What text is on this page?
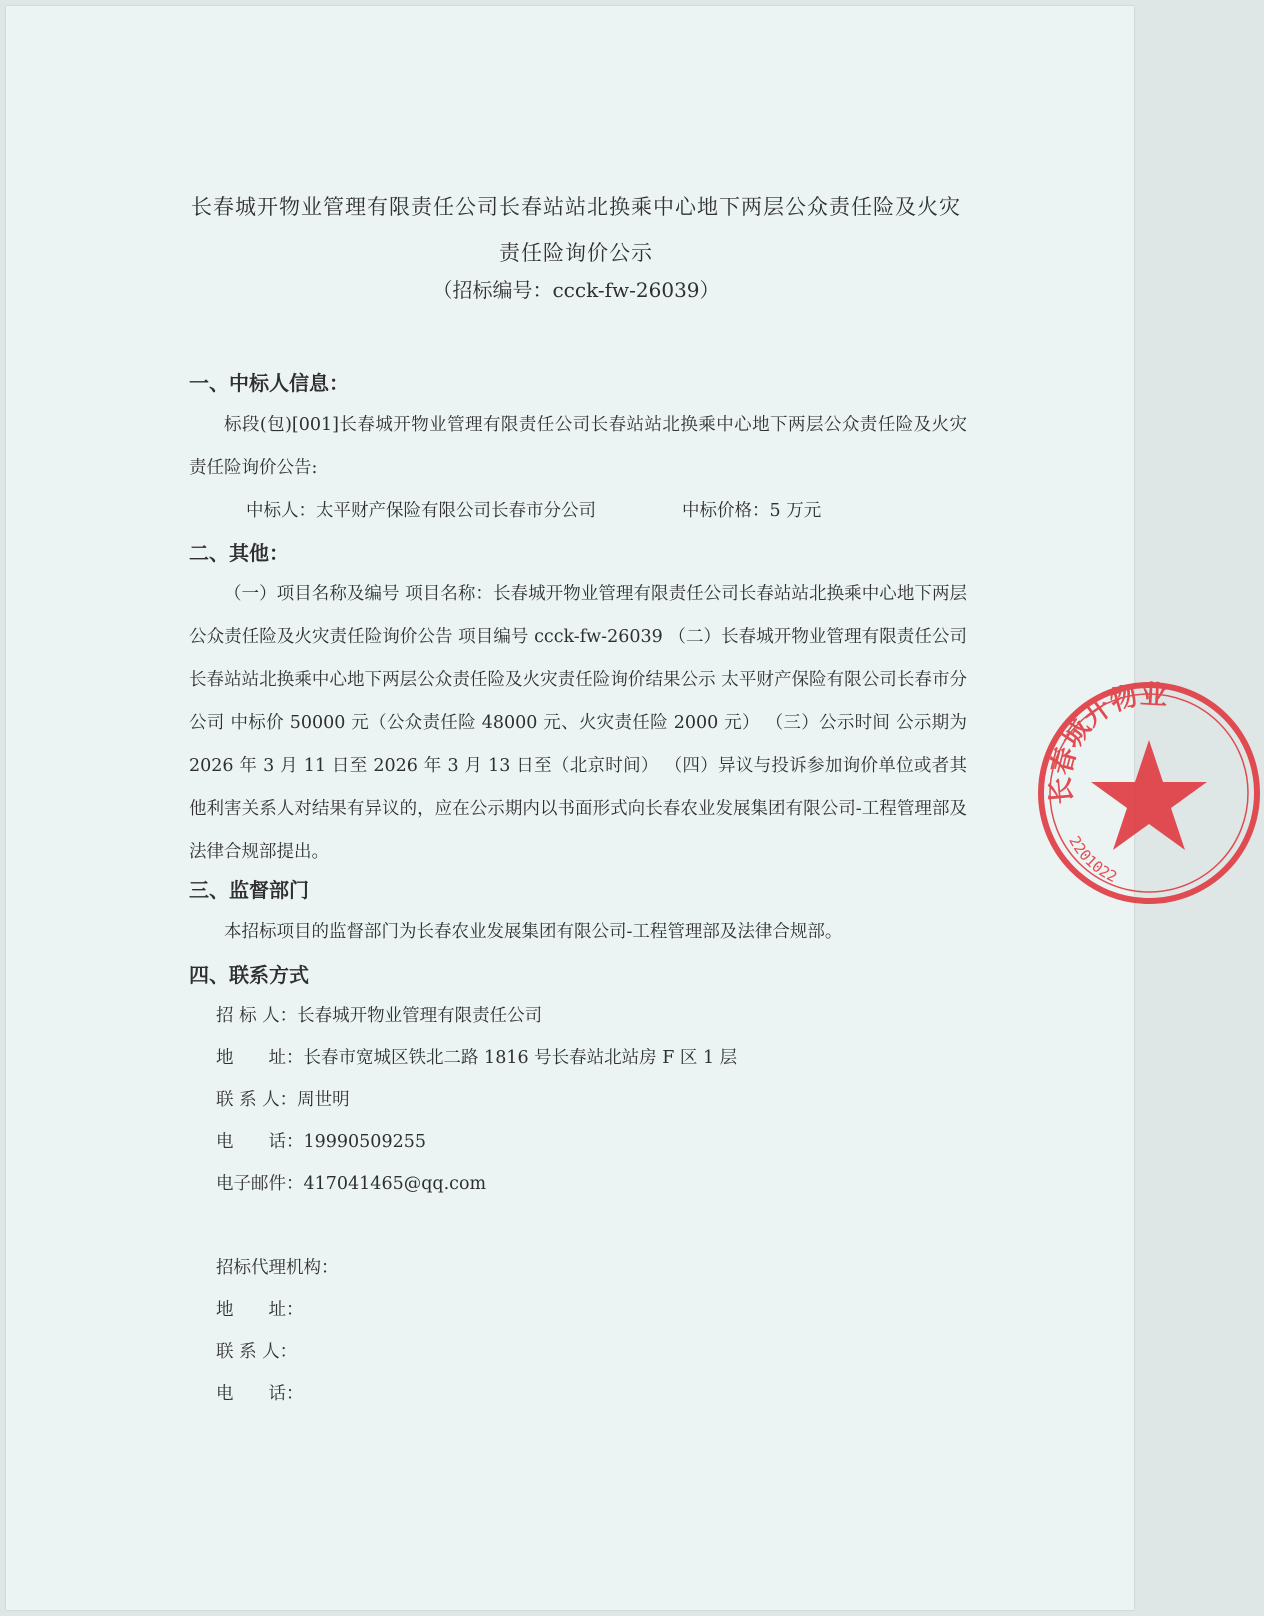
长春城开物业管理有限责任公司长春站站北换乘中心地下两层公众责任险及火灾责任险询价公示
（招标编号：ccck-fw-26039）
一、中标人信息：

标段(包)[001]长春城开物业管理有限责任公司长春站站北换乘中心地下两层公众责任险及火灾责任险询价公告:

中标人：太平财产保险有限公司长春市分公司	中标价格：5 万元
二、其他：

（一）项目名称及编号 项目名称：长春城开物业管理有限责任公司长春站站北换乘中心地下两层公众责任险及火灾责任险询价公告 项目编号 ccck-fw-26039 （二）长春城开物业管理有限责任公司长春站站北换乘中心地下两层公众责任险及火灾责任险询价结果公示 太平财产保险有限公司长春市分公司 中标价 50000 元（公众责任险 48000 元、火灾责任险 2000 元） （三）公示时间 公示期为 2026 年 3 月 11 日至 2026 年 3 月 13 日至（北京时间） （四）异议与投诉参加询价单位或者其他利害关系人对结果有异议的，应在公示期内以书面形式向长春农业发展集团有限公司-工程管理部及法律合规部提出。

三、监督部门

本招标项目的监督部门为长春农业发展集团有限公司-工程管理部及法律合规部。

四、联系方式
招 标 人：长春城开物业管理有限责任公司
地　　址：长春市宽城区铁北二路 1816 号长春站北站房 F 区 1 层
联 系 人：周世明
电　　话：19990509255
电子邮件：417041465@qq.com
招标代理机构：
地　　址：
联 系 人：
电　　话：
长春城开物业
2201022
